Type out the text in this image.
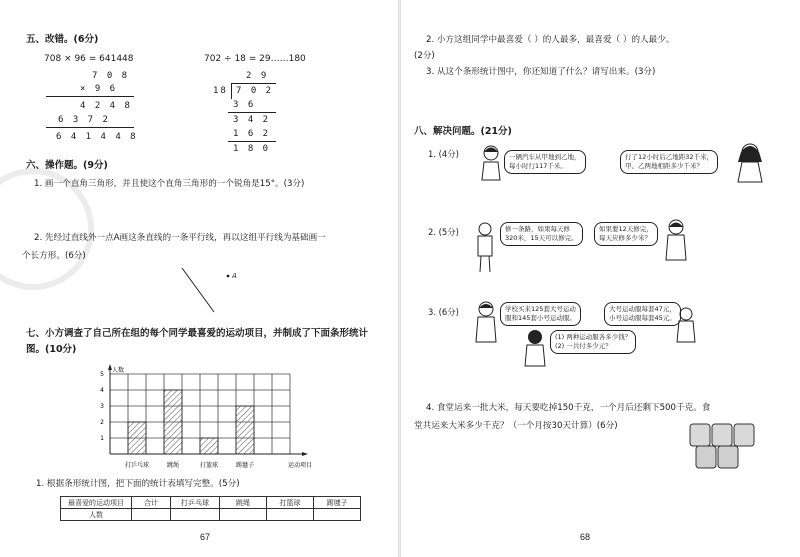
五、改错。(6分)
708 × 96 = 641448	702 ÷ 18 = 29……180
7 0 8
× 9 6
4 2 4 8
6 3 7 2
6 4 1 4 4 8
2 9
18 7 0 2
3 6
3 4 2
1 6 2
1 8 0
六、操作题。(9分)
1. 画一个直角三角形，并且使这个直角三角形的一个锐角是15°。(3分)
2. 先经过直线外一点A画这条直线的一条平行线，再以这组平行线为基础画一
个长方形。(6分)
A
七、小方调查了自己所在组的每个同学最喜爱的运动项目，并制成了下面条形统计
图。(10分)
1
2
3
4
5
打乒乓球	跳绳	打篮球	踢毽子
人数
运动项目
1. 根据条形统计图，把下面的统计表填写完整。(5分)
最喜爱的运动项目	合计	打乒乓球	跳绳	打篮球	踢毽子
人数					
67
2. 小方这组同学中最喜爱（ ）的人最多，最喜爱（ ）的人最少。
(2分)
3. 从这个条形统计图中，你还知道了什么？请写出来。(3分)
八、解决问题。(21分)
1. (4分)	一辆汽车从甲地到乙地，
每小时行117千米。
行了12小时后乙地距32千米，
甲、乙两地相距多少千米？
2. (5分)	修一条路，如果每天修
320米，15天可以修完。
如果要12天修完，
每天应修多少米？
3. (6分)	学校买来125套大号运动
服和145套小号运动服。
大号运动服每套47元，
小号运动服每套45元。
(1) 两种运动服各多少钱？
(2) 一共付多少元？
4. 食堂运来一批大米，每天要吃掉150千克，一个月后还剩下500千克。食
堂共运来大米多少千克？（一个月按30天计算）(6分)
68
